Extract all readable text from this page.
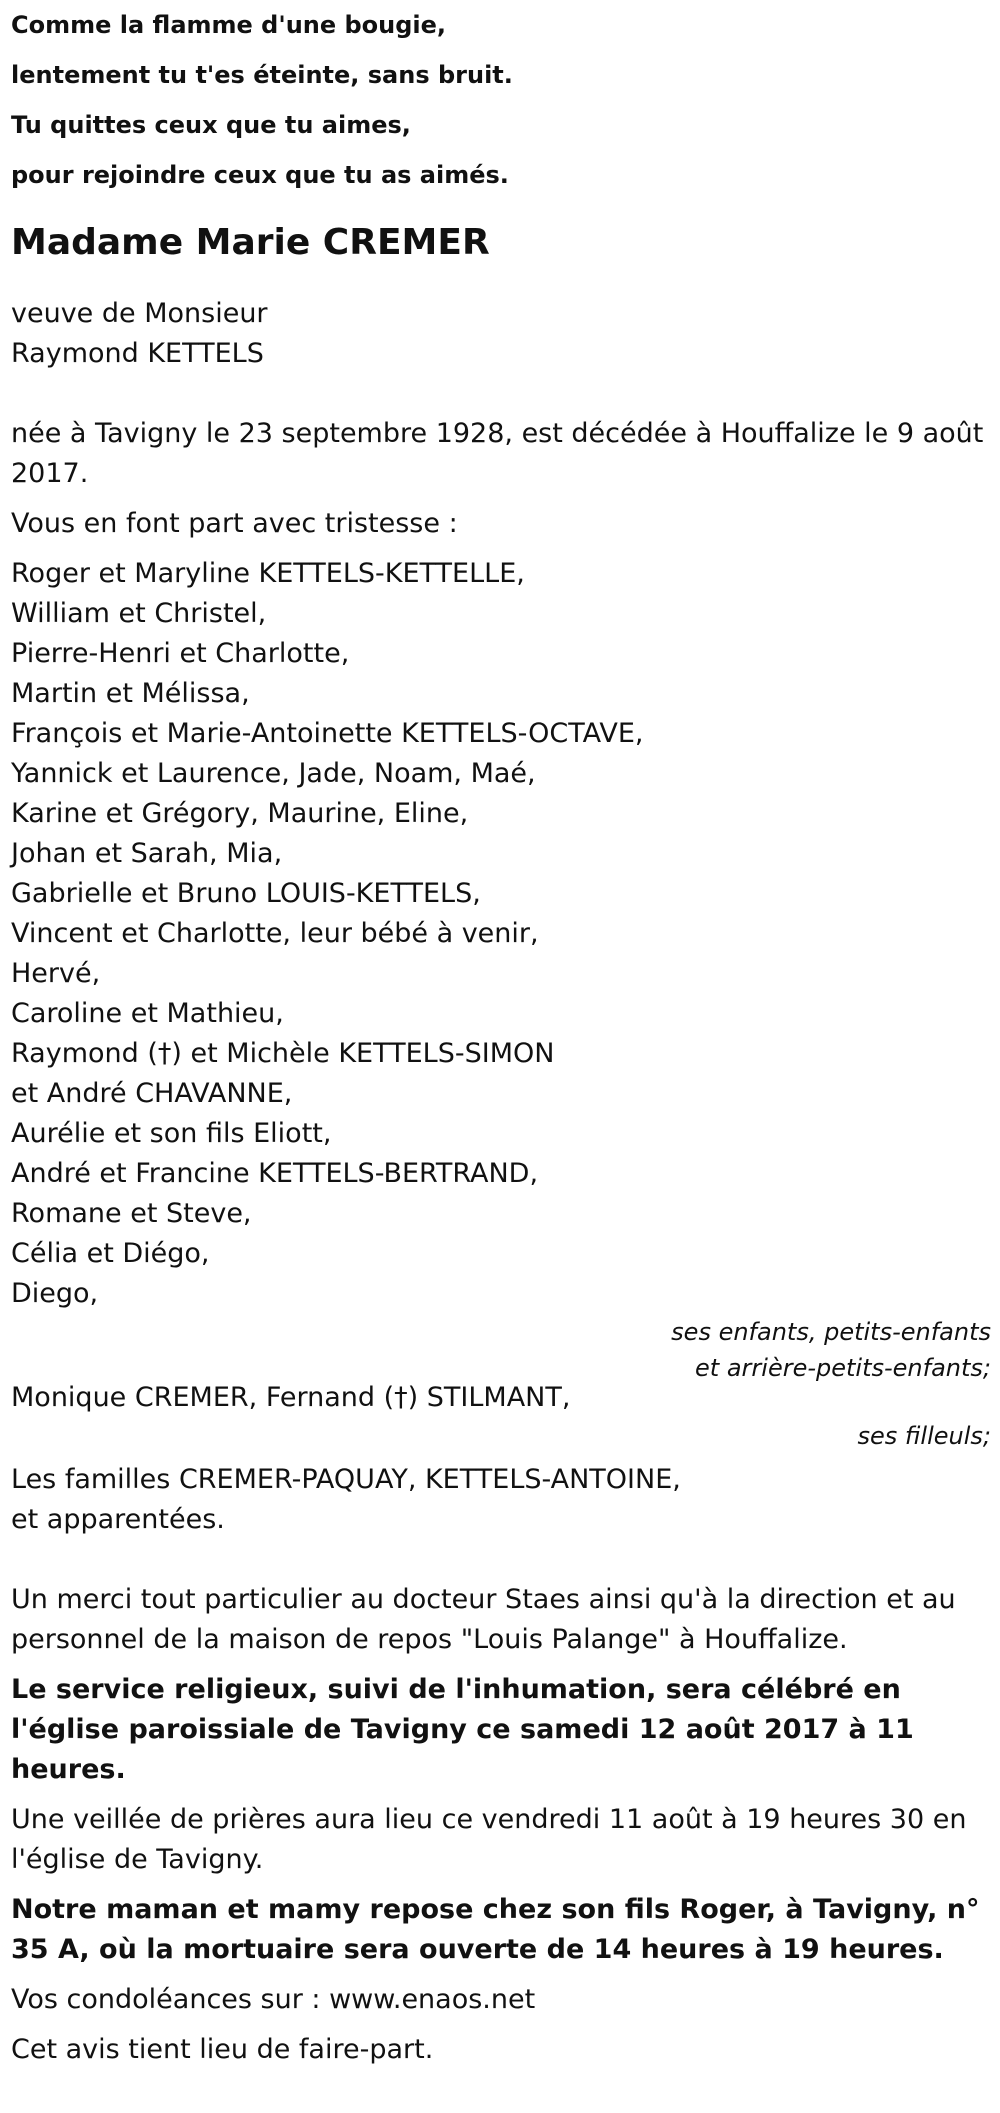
Comme la flamme d'une bougie,

lentement tu t'es éteinte, sans bruit.

Tu quittes ceux que tu aimes,

pour rejoindre ceux que tu as aimés.

Madame Marie CREMER

veuve de Monsieur

Raymond KETTELS

née à Tavigny le 23 septembre 1928, est décédée à Houffalize le 9 août 2017.

Vous en font part avec tristesse :

Roger et Maryline KETTELS-KETTELLE,

William et Christel,

Pierre-Henri et Charlotte,

Martin et Mélissa,

François et Marie-Antoinette KETTELS-OCTAVE,

Yannick et Laurence, Jade, Noam, Maé,

Karine et Grégory, Maurine, Eline,

Johan et Sarah, Mia,

Gabrielle et Bruno LOUIS-KETTELS,

Vincent et Charlotte, leur bébé à venir,

Hervé,

Caroline et Mathieu,

Raymond (†) et Michèle KETTELS-SIMON

et André CHAVANNE,

Aurélie et son fils Eliott,

André et Francine KETTELS-BERTRAND,

Romane et Steve,

Célia et Diégo,

Diego,

ses enfants, petits-enfants

et arrière-petits-enfants;

Monique CREMER, Fernand (†) STILMANT,

ses filleuls;

Les familles CREMER-PAQUAY, KETTELS-ANTOINE,

et apparentées.

Un merci tout particulier au docteur Staes ainsi qu'à la direction et au personnel de la maison de repos "Louis Palange" à Houffalize.

Le service religieux, suivi de l'inhumation, sera célébré en l'église paroissiale de Tavigny ce samedi 12 août 2017 à 11 heures.

Une veillée de prières aura lieu ce vendredi 11 août à 19 heures 30 en l'église de Tavigny.

Notre maman et mamy repose chez son fils Roger, à Tavigny, n° 35 A, où la mortuaire sera ouverte de 14 heures à 19 heures.

Vos condoléances sur : www.enaos.net

Cet avis tient lieu de faire-part.
